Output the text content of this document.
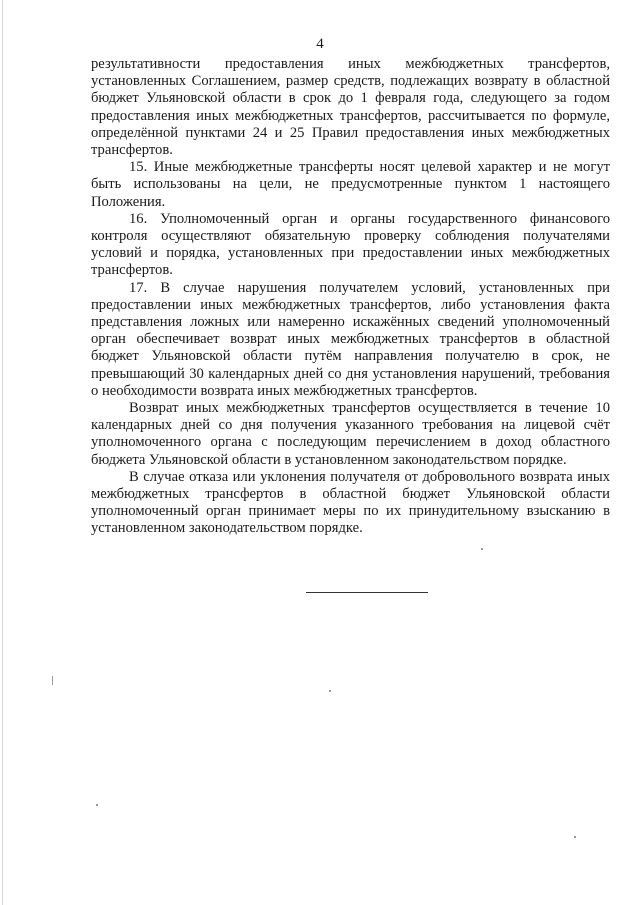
4

результативности предоставления иных межбюджетных трансфертов, установленных Соглашением, размер средств, подлежащих возврату в областной бюджет Ульяновской области в срок до 1 февраля года, следующего за годом предоставления иных межбюджетных трансфертов, рассчитывается по формуле, определённой пунктами 24 и 25 Правил предоставления иных межбюджетных трансфертов.

15. Иные межбюджетные трансферты носят целевой характер и не могут быть использованы на цели, не предусмотренные пунктом 1 настоящего Положения.

16. Уполномоченный орган и органы государственного финансового контроля осуществляют обязательную проверку соблюдения получателями условий и порядка, установленных при предоставлении иных межбюджетных трансфертов.

17. В случае нарушения получателем условий, установленных при предоставлении иных межбюджетных трансфертов, либо установления факта представления ложных или намеренно искажённых сведений уполномоченный орган обеспечивает возврат иных межбюджетных трансфертов в областной бюджет Ульяновской области путём направления получателю в срок, не превышающий 30 календарных дней со дня установления нарушений, требования о необходимости возврата иных межбюджетных трансфертов.

Возврат иных межбюджетных трансфертов осуществляется в течение 10 календарных дней со дня получения указанного требования на лицевой счёт уполномоченного органа с последующим перечислением в доход областного бюджета Ульяновской области в установленном законодательством порядке.

В случае отказа или уклонения получателя от добровольного возврата иных межбюджетных трансфертов в областной бюджет Ульяновской области уполномоченный орган принимает меры по их принудительному взысканию в установленном законодательством порядке.
